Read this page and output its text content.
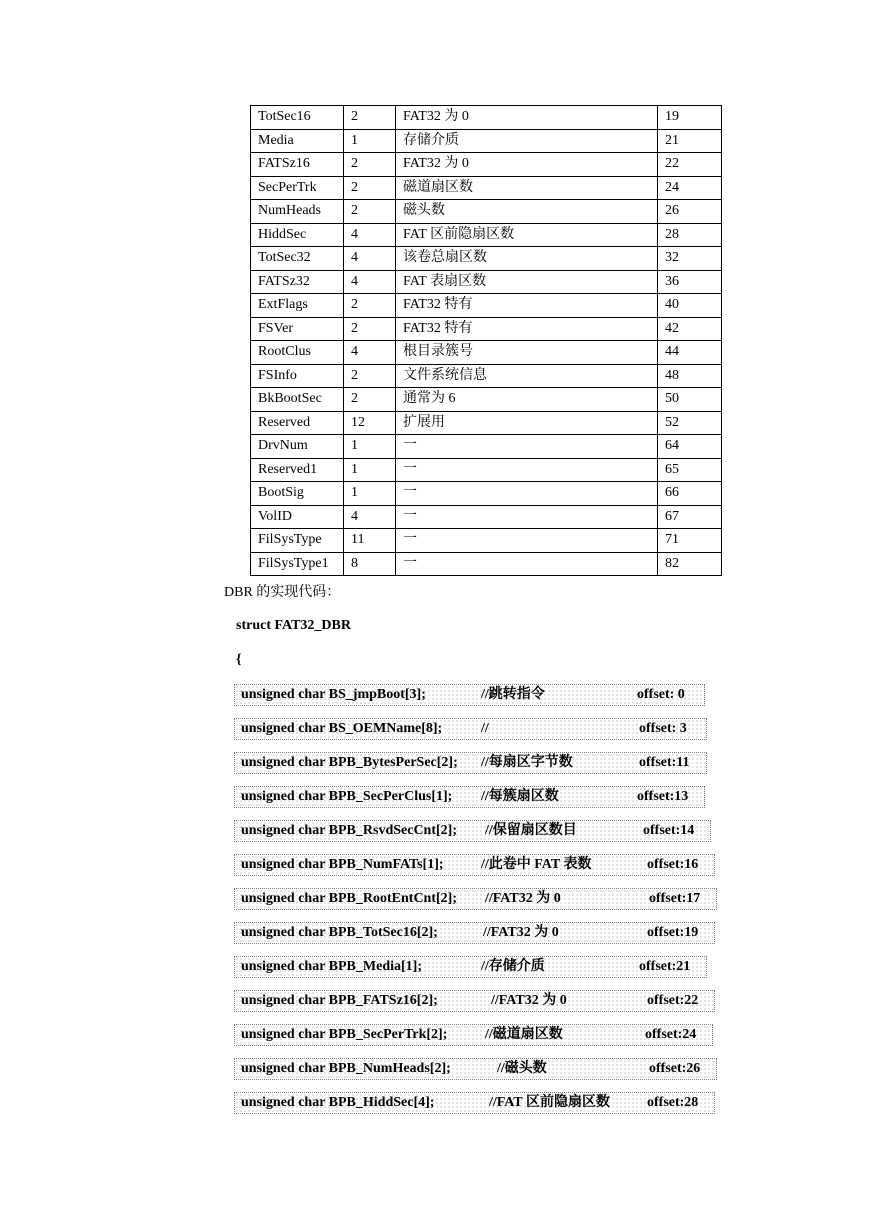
TotSec16	2	FAT32 为 0	19
Media	1	存储介质	21
FATSz16	2	FAT32 为 0	22
SecPerTrk	2	磁道扇区数	24
NumHeads	2	磁头数	26
HiddSec	4	FAT 区前隐扇区数	28
TotSec32	4	该卷总扇区数	32
FATSz32	4	FAT 表扇区数	36
ExtFlags	2	FAT32 特有	40
FSVer	2	FAT32 特有	42
RootClus	4	根目录簇号	44
FSInfo	2	文件系统信息	48
BkBootSec	2	通常为 6	50
Reserved	12	扩展用	52
DrvNum	1	一	64
Reserved1	1	一	65
BootSig	1	一	66
VolID	4	一	67
FilSysType	11	一	71
FilSysType1	8	一	82
DBR 的实现代码：
struct FAT32_DBR
{
unsigned char BS_jmpBoot[3];	//跳转指令	offset: 0
unsigned char BS_OEMName[8];	//	offset: 3
unsigned char BPB_BytesPerSec[2]; //每扇区字节数	offset:11
unsigned char BPB_SecPerClus[1]; //每簇扇区数	offset:13
unsigned char BPB_RsvdSecCnt[2]; //保留扇区数目	offset:14
unsigned char BPB_NumFATs[1];	//此卷中 FAT 表数	offset:16
unsigned char BPB_RootEntCnt[2]; //FAT32 为 0	offset:17
unsigned char BPB_TotSec16[2];	//FAT32 为 0	offset:19
unsigned char BPB_Media[1];	//存储介质	offset:21
unsigned char BPB_FATSz16[2];	//FAT32 为 0	offset:22
unsigned char BPB_SecPerTrk[2];	//磁道扇区数	offset:24
unsigned char BPB_NumHeads[2];	//磁头数	offset:26
unsigned char BPB_HiddSec[4];	//FAT 区前隐扇区数	offset:28
